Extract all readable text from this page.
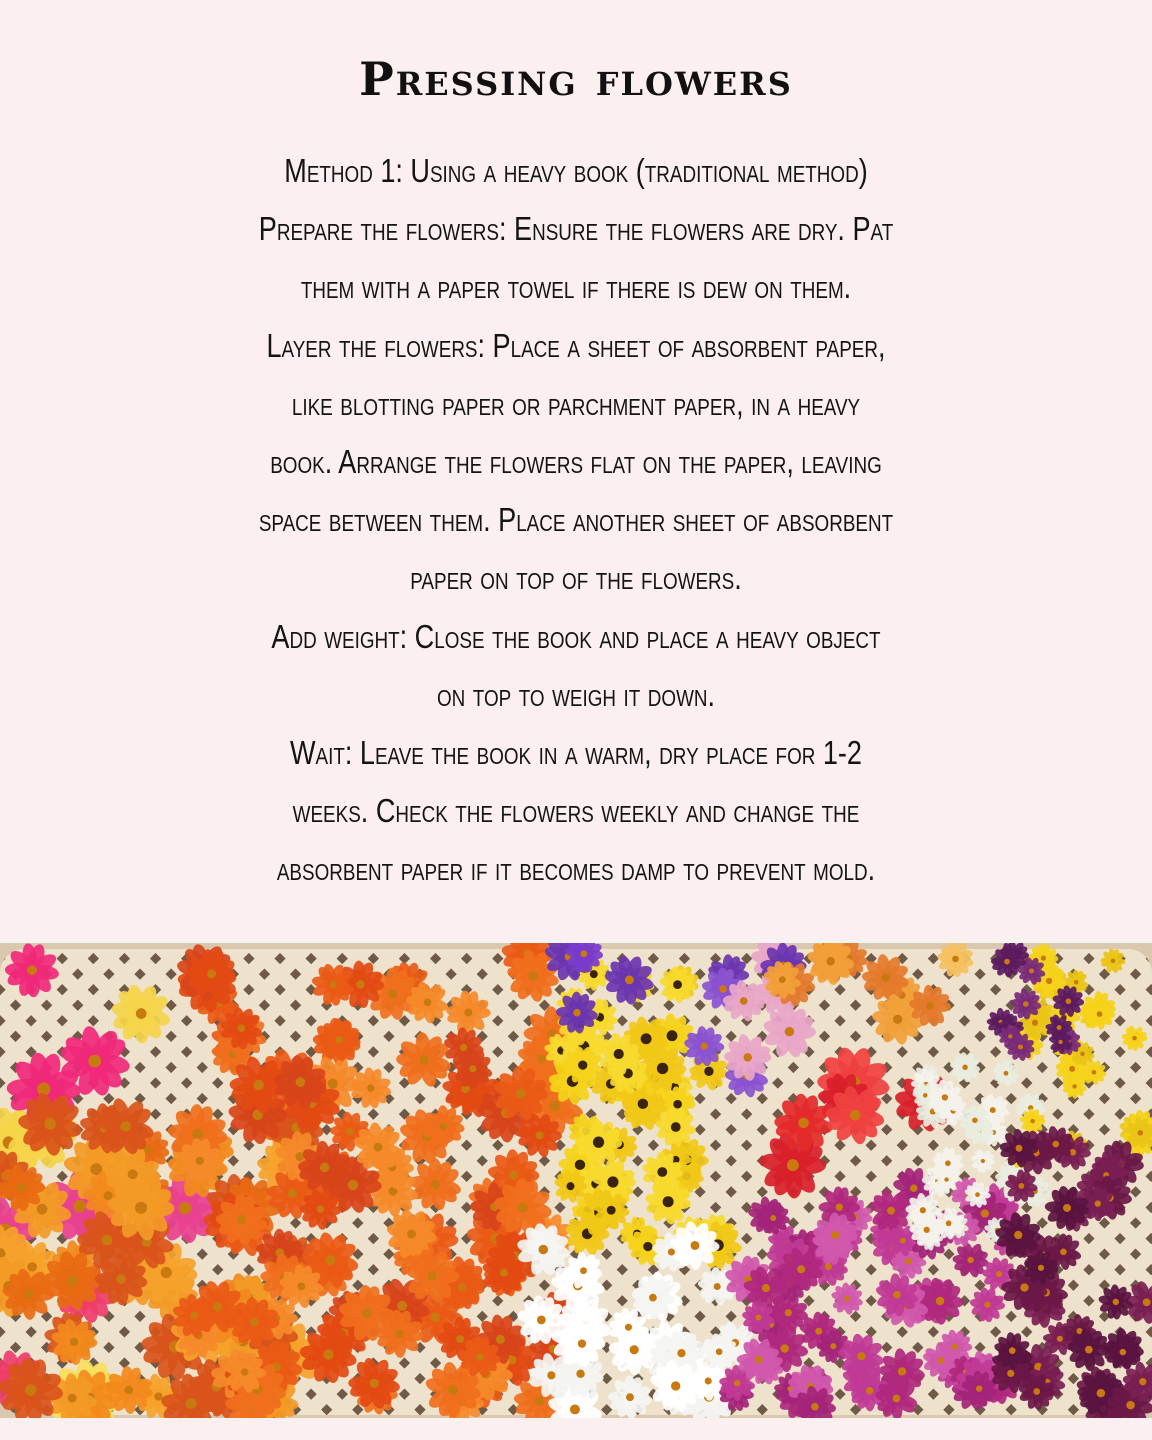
Pressing flowers
Method 1: Using a heavy book (traditional method)
Prepare the flowers: Ensure the flowers are dry. Pat
them with a paper towel if there is dew on them.
Layer the flowers: Place a sheet of absorbent paper,
like blotting paper or parchment paper, in a heavy
book. Arrange the flowers flat on the paper, leaving
space between them. Place another sheet of absorbent
paper on top of the flowers.
Add weight: Close the book and place a heavy object
on top to weigh it down.
Wait: Leave the book in a warm, dry place for 1-2
weeks. Check the flowers weekly and change the
absorbent paper if it becomes damp to prevent mold.
